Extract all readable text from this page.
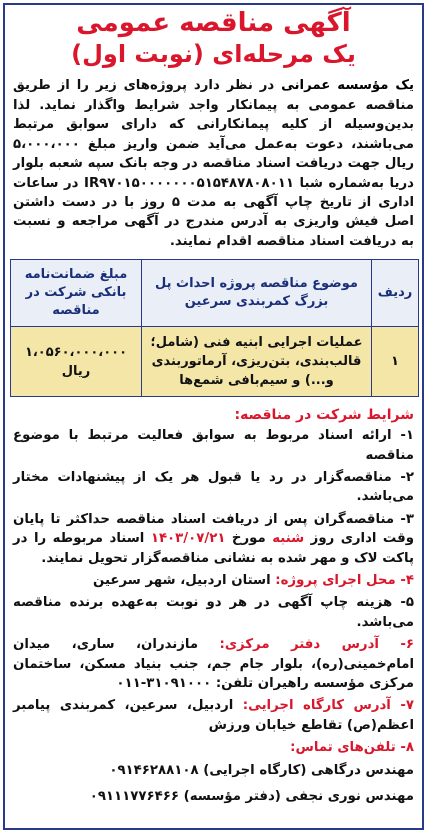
آگهی مناقصه عمومی
یک مرحله‌ای (نوبت اول)
یک مؤسسه عمرانی در نظر دارد پروژه‌های زیر را از طریق مناقصه عمومی به پیمانکار واجد شرایط واگذار نماید. لذا بدین‌وسیله از کلیه پیمانکارانی که دارای سوابق مرتبط می‌باشند، دعوت به‌عمل می‌آید ضمن واریز مبلغ ۵،۰۰۰،۰۰۰ ریال جهت دریافت اسناد مناقصه در وجه بانک سپه شعبه بلوار دریا به‌شماره شبا IR۹۷۰۱۵۰۰۰۰۰۰۰۵۱۵۴۸۷۸۰۸۰۱۱ در ساعات اداری از تاریخ چاپ آگهی به مدت ۵ روز با در دست داشتن اصل فیش واریزی به آدرس مندرج در آگهی مراجعه و نسبت به دریافت اسناد مناقصه اقدام نمایند.
ردیف	موضوع مناقصه پروژه احداث پل بزرگ کمربندی سرعین	مبلغ ضمانت‌نامه بانکی شرکت در مناقصه
۱	عملیات اجرایی ابنیه فنی (شامل؛ قالب‌بندی، بتن‌ریزی، آرماتوربندی و...) و سیم‌بافی شمع‌ها	۱،۰۵۶۰،۰۰۰،۰۰۰ ریال
شرایط شرکت در مناقصه:
۱- ارائه اسناد مربوط به سوابق فعالیت مرتبط با موضوع مناقصه
۲- مناقصه‌گزار در رد یا قبول هر یک از پیشنهادات مختار می‌باشد.
۳- مناقصه‌گران پس از دریافت اسناد مناقصه حداکثر تا پایان وقت اداری روز شنبه مورخ ۱۴۰۳/۰۷/۲۱ اسناد مربوطه را در پاکت لاک و مهر شده به نشانی مناقصه‌گزار تحویل نمایند.
۴- محل اجرای پروژه: استان اردبیل، شهر سرعین
۵- هزینه چاپ آگهی در هر دو نوبت به‌عهده برنده مناقصه می‌باشد.
۶- آدرس دفتر مرکزی: مازندران، ساری، میدان امام‌خمینی(ره)، بلوار جام جم، جنب بنیاد مسکن، ساختمان مرکزی مؤسسه راهیران تلفن: ۳۱۰۹۱۰۰۰-۰۱۱
۷- آدرس کارگاه اجرایی: اردبیل، سرعین، کمربندی پیامبر اعظم(ص) تقاطع خیابان ورزش
۸- تلفن‌های تماس:
مهندس درگاهی (کارگاه اجرایی) ۰۹۱۴۶۲۸۸۱۰۸
مهندس نوری نجفی (دفتر مؤسسه) ۰۹۱۱۱۷۷۶۴۶۶
